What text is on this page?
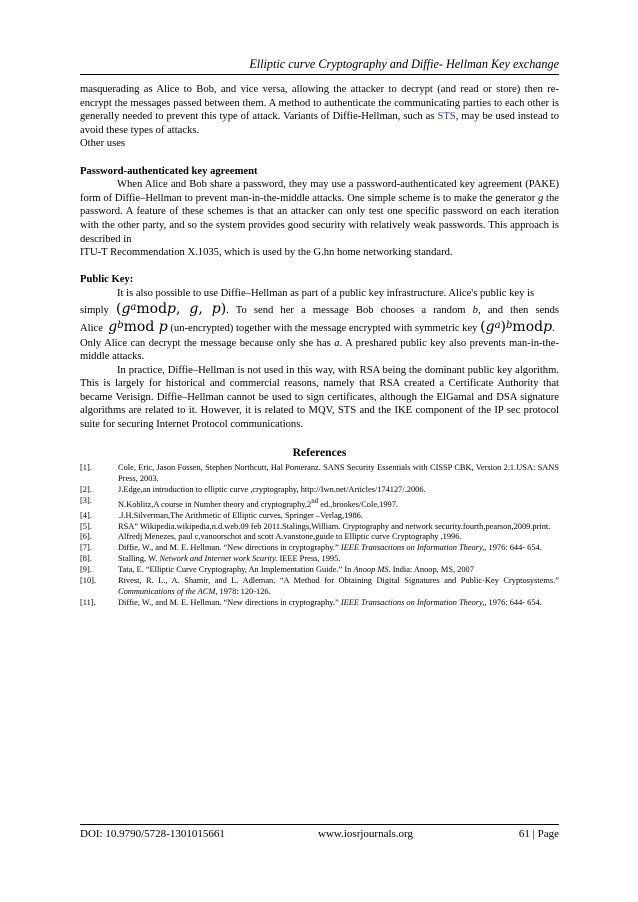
Elliptic curve Cryptography and Diffie- Hellman Key exchange

masquerading as Alice to Bob, and vice versa, allowing the attacker to decrypt (and read or store) then re-encrypt the messages passed between them. A method to authenticate the communicating parties to each other is generally needed to prevent this type of attack. Variants of Diffie-Hellman, such as STS, may be used instead to avoid these types of attacks.

Other uses

Password-authenticated key agreement

When Alice and Bob share a password, they may use a password-authenticated key agreement (PAKE) form of Diffie–Hellman to prevent man-in-the-middle attacks. One simple scheme is to make the generator g the password. A feature of these schemes is that an attacker can only test one specific password on each iteration with the other party, and so the system provides good security with relatively weak passwords. This approach is described in

ITU-T Recommendation X.1035, which is used by the G.hn home networking standard.

Public Key:

It is also possible to use Diffie–Hellman as part of a public key infrastructure. Alice's public key is

simply ($g^amodp$, g, p). To send her a message Bob chooses a random b, and then sends

Alice $g^bmod$ p (un-encrypted) together with the message encrypted with symmetric key $(g^a)^bmodp$.

Only Alice can decrypt the message because only she has a. A preshared public key also prevents man-in-the-middle attacks.

In practice, Diffie–Hellman is not used in this way, with RSA being the dominant public key algorithm. This is largely for historical and commercial reasons, namely that RSA created a Certificate Authority that became Verisign. Diffie–Hellman cannot be used to sign certificates, although the ElGamal and DSA signature algorithms are related to it. However, it is related to MQV, STS and the IKE component of the IP sec protocol suite for securing Internet Protocol communications.

References
[1].	Cole, Eric, Jason Fossen, Stephen Northcutt, Hal Pomeranz. SANS Security Essentials with CISSP CBK, Version 2.1.USA: SANS Press, 2003.
[2].	J.Edge,an introduction to elliptic curve ,cryptography, http://Iwn.net/Articles/174127/.2006.
[3].	N.Koblitz,A course in Number theory and cryptography,2nd ed.,brookes/Cole,1997.
[4].	.J.H.Silverman,The Arithmetic of Elliptic curves, Springer –Verlag,1986.
[5].	RSA” Wikipedia.wikipedia,n.d.web.09 feb 2011.Stalings,William. Cryptography and network security.fourth,pearson,2009.print.
[6].	Alfredj Menezes, paul c,vanoorschot and scott A.vanstone,guide to Elliptic curve Cryptography ,1996.
[7].	Diffie, W., and M. E. Hellman. “New directions in cryptography.” IEEE Transactions on Information Theory,, 1976: 644- 654.
[8].	Stalling, W. Network and Internet work Scurity. IEEE Press, 1995.
[9].	Tata, E. “Elliptic Curve Cryptography, An Implementation Guide.” In Anoop MS. India: Anoop, MS, 2007
[10].	Rivest, R. L., A. Shamir, and L. Adleman. “A Method for Obtaining Digital Signatures and Public-Key Cryptosystems.” Communications of the ACM, 1978: 120-126.
[11].	Diffie, W., and M. E. Hellman. “New directions in cryptography.” IEEE Transactions on Information Theory,, 1976: 644- 654.
DOI: 10.9790/5728-1301015661	www.iosrjournals.org	61 | Page
